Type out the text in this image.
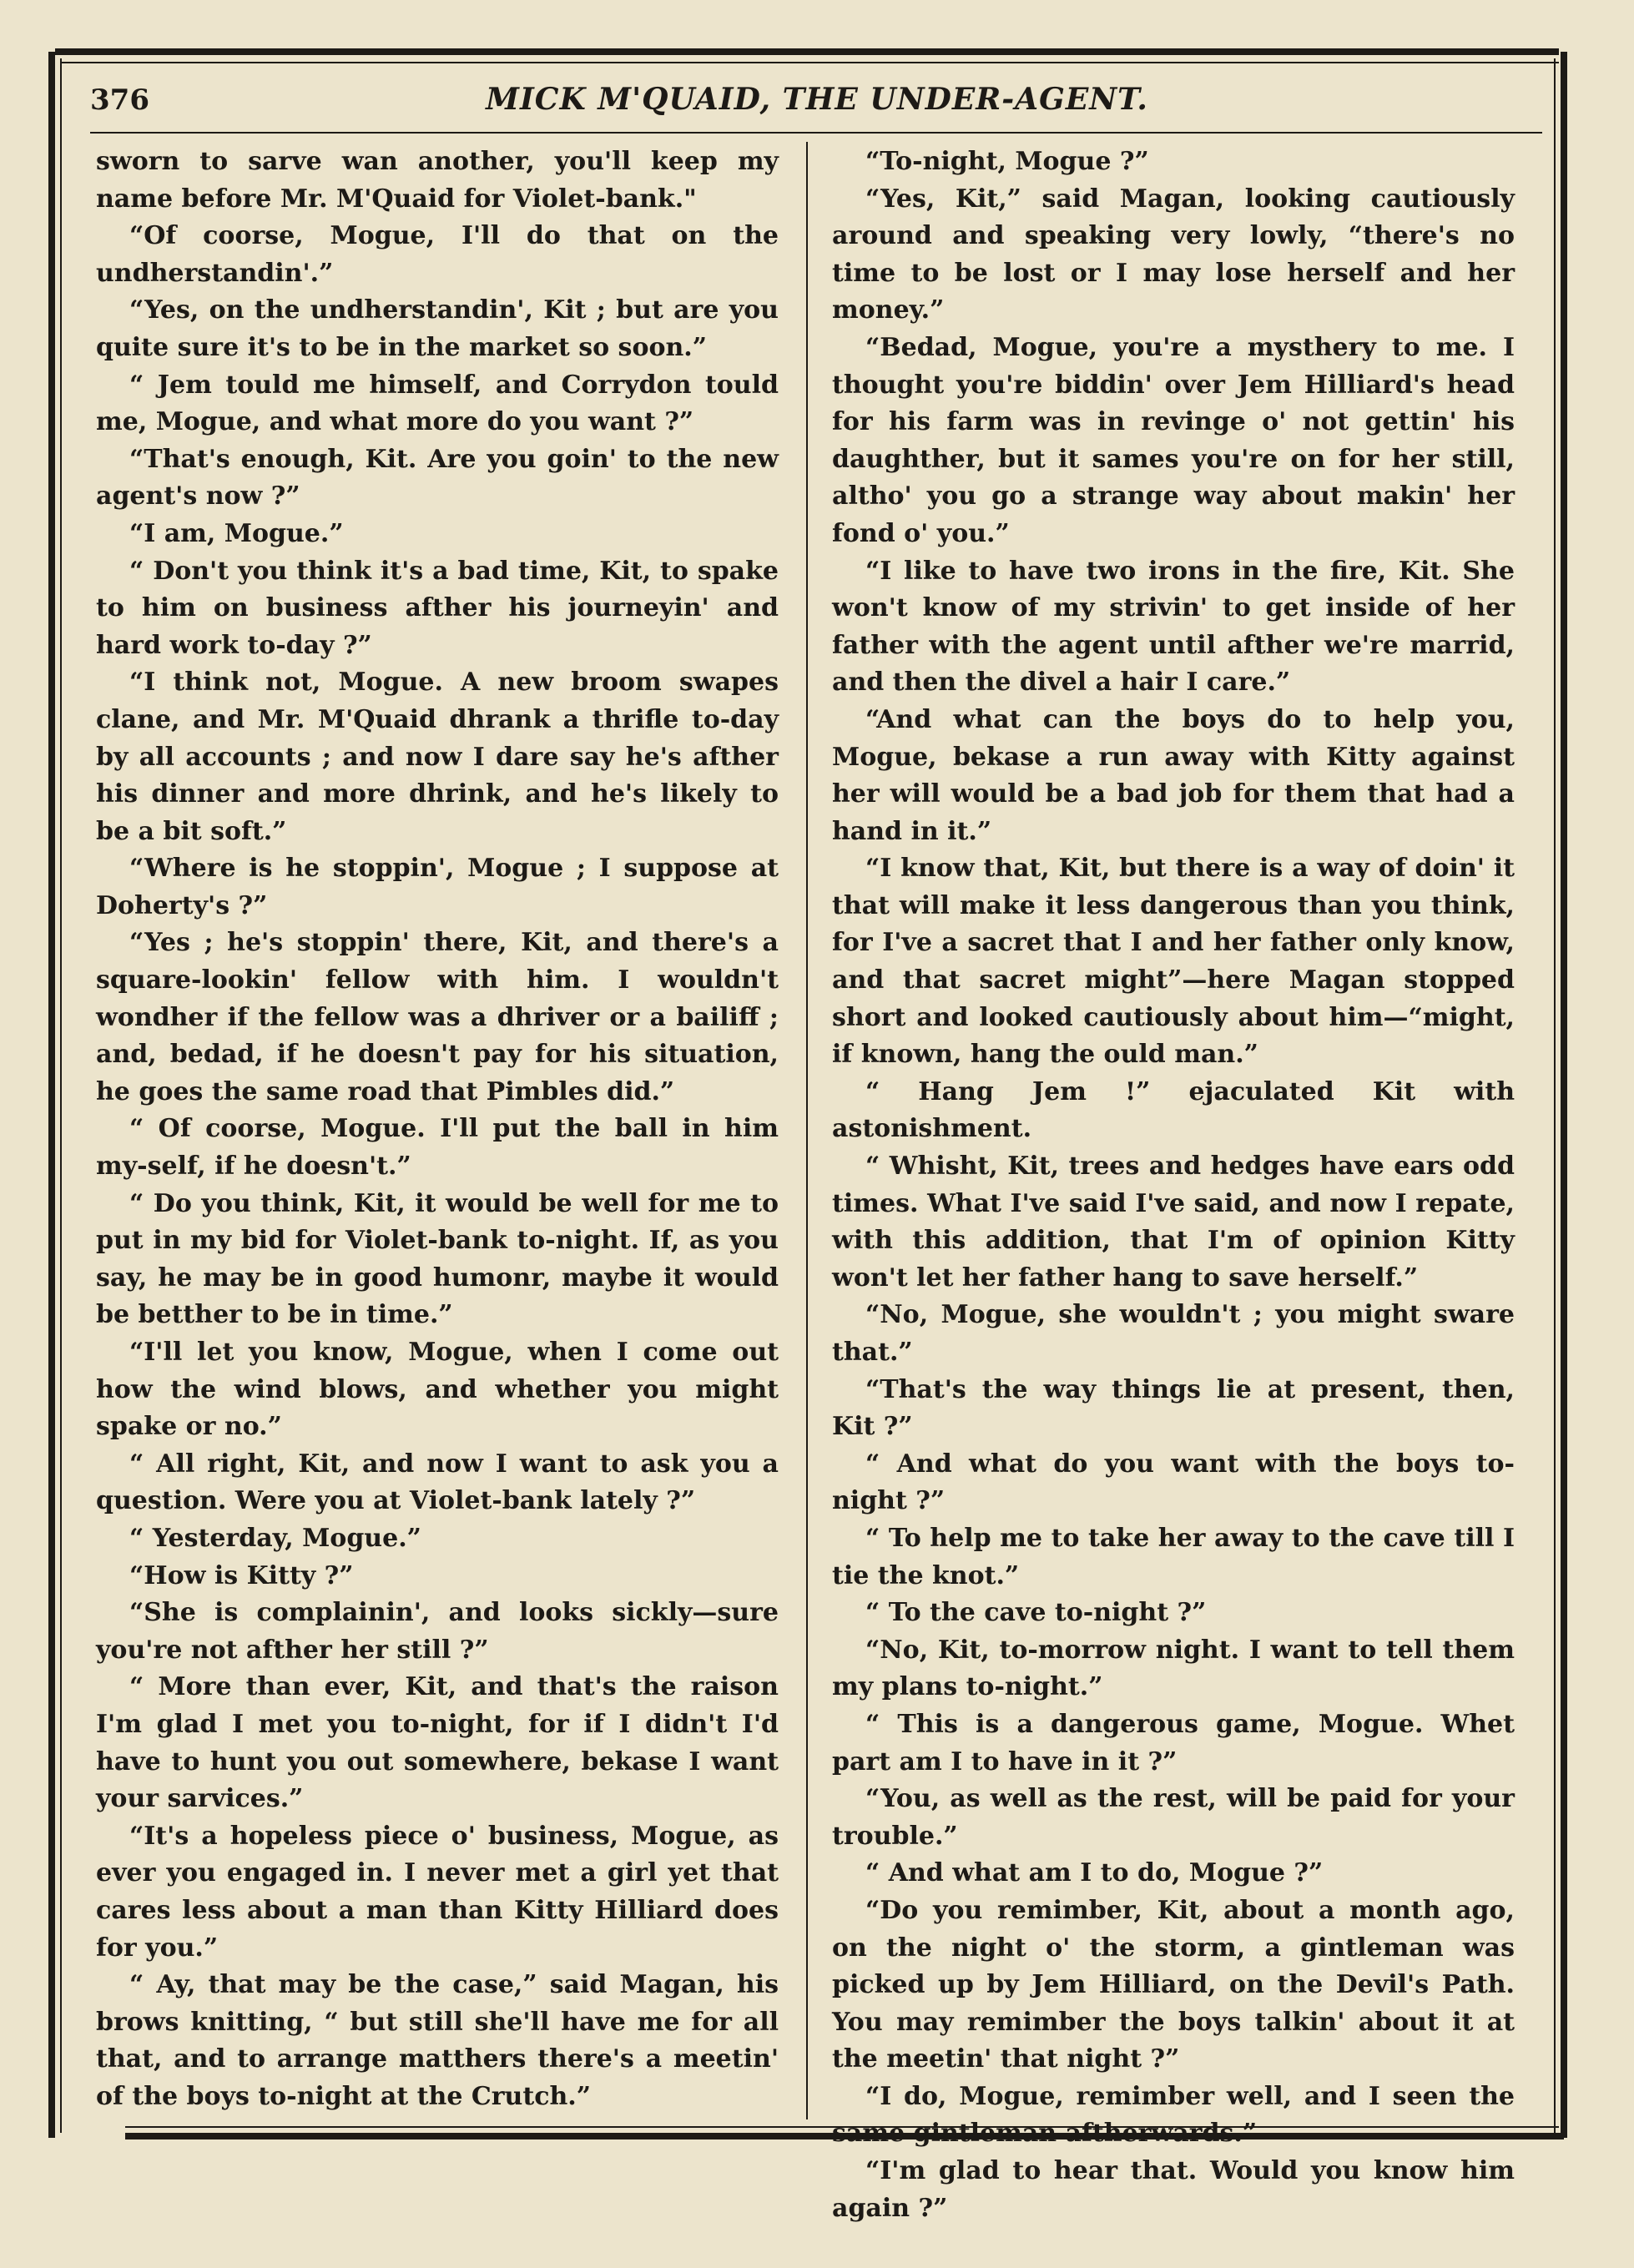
376	MICK M'QUAID, THE UNDER-AGENT.

sworn to sarve wan another, you'll keep my name before Mr. M'Quaid for Violet-bank."

“Of coorse, Mogue, I'll do that on the undherstandin'.”

“Yes, on the undherstandin', Kit ; but are you quite sure it's to be in the market so soon.”

“ Jem tould me himself, and Corrydon tould me, Mogue, and what more do you want ?”

“That's enough, Kit. Are you goin' to the new agent's now ?”

“I am, Mogue.”

“ Don't you think it's a bad time, Kit, to spake to him on business afther his journeyin' and hard work to-day ?”

“I think not, Mogue. A new broom swapes clane, and Mr. M'Quaid dhrank a thrifle to-day by all accounts ; and now I dare say he's afther his dinner and more dhrink, and he's likely to be a bit soft.”

“Where is he stoppin', Mogue ; I suppose at Doherty's ?”

“Yes ; he's stoppin' there, Kit, and there's a square-lookin' fellow with him. I wouldn't wondher if the fellow was a dhriver or a bailiff ; and, bedad, if he doesn't pay for his situation, he goes the same road that Pimbles did.”

“ Of coorse, Mogue. I'll put the ball in him my-self, if he doesn't.”

“ Do you think, Kit, it would be well for me to put in my bid for Violet-bank to-night. If, as you say, he may be in good humonr, maybe it would be betther to be in time.”

“I'll let you know, Mogue, when I come out how the wind blows, and whether you might spake or no.”

“ All right, Kit, and now I want to ask you a question. Were you at Violet-bank lately ?”

“ Yesterday, Mogue.”

“How is Kitty ?”

“She is complainin', and looks sickly—sure you're not afther her still ?”

“ More than ever, Kit, and that's the raison I'm glad I met you to-night, for if I didn't I'd have to hunt you out somewhere, bekase I want your sarvices.”

“It's a hopeless piece o' business, Mogue, as ever you engaged in. I never met a girl yet that cares less about a man than Kitty Hilliard does for you.”

“ Ay, that may be the case,” said Magan, his brows knitting, “ but still she'll have me for all that, and to arrange matthers there's a meetin' of the boys to-night at the Crutch.”

“To-night, Mogue ?”

“Yes, Kit,” said Magan, looking cautiously around and speaking very lowly, “there's no time to be lost or I may lose herself and her money.”

“Bedad, Mogue, you're a mysthery to me. I thought you're biddin' over Jem Hilliard's head for his farm was in revinge o' not gettin' his daughther, but it sames you're on for her still, altho' you go a strange way about makin' her fond o' you.”

“I like to have two irons in the fire, Kit. She won't know of my strivin' to get inside of her father with the agent until afther we're marrid, and then the divel a hair I care.”

“And what can the boys do to help you, Mogue, bekase a run away with Kitty against her will would be a bad job for them that had a hand in it.”

“I know that, Kit, but there is a way of doin' it that will make it less dangerous than you think, for I've a sacret that I and her father only know, and that sacret might”—here Magan stopped short and looked cautiously about him—“might, if known, hang the ould man.”

“ Hang Jem !” ejaculated Kit with astonishment.

“ Whisht, Kit, trees and hedges have ears odd times. What I've said I've said, and now I repate, with this addition, that I'm of opinion Kitty won't let her father hang to save herself.”

“No, Mogue, she wouldn't ; you might sware that.”

“That's the way things lie at present, then, Kit ?”

“ And what do you want with the boys to-night ?”

“ To help me to take her away to the cave till I tie the knot.”

“ To the cave to-night ?”

“No, Kit, to-morrow night. I want to tell them my plans to-night.”

“ This is a dangerous game, Mogue. Whet part am I to have in it ?”

“You, as well as the rest, will be paid for your trouble.”

“ And what am I to do, Mogue ?”

“Do you remimber, Kit, about a month ago, on the night o' the storm, a gintleman was picked up by Jem Hilliard, on the Devil's Path. You may remimber the boys talkin' about it at the meetin' that night ?”

“I do, Mogue, remimber well, and I seen the same gintleman aftherwards.”

“I'm glad to hear that. Would you know him again ?”
